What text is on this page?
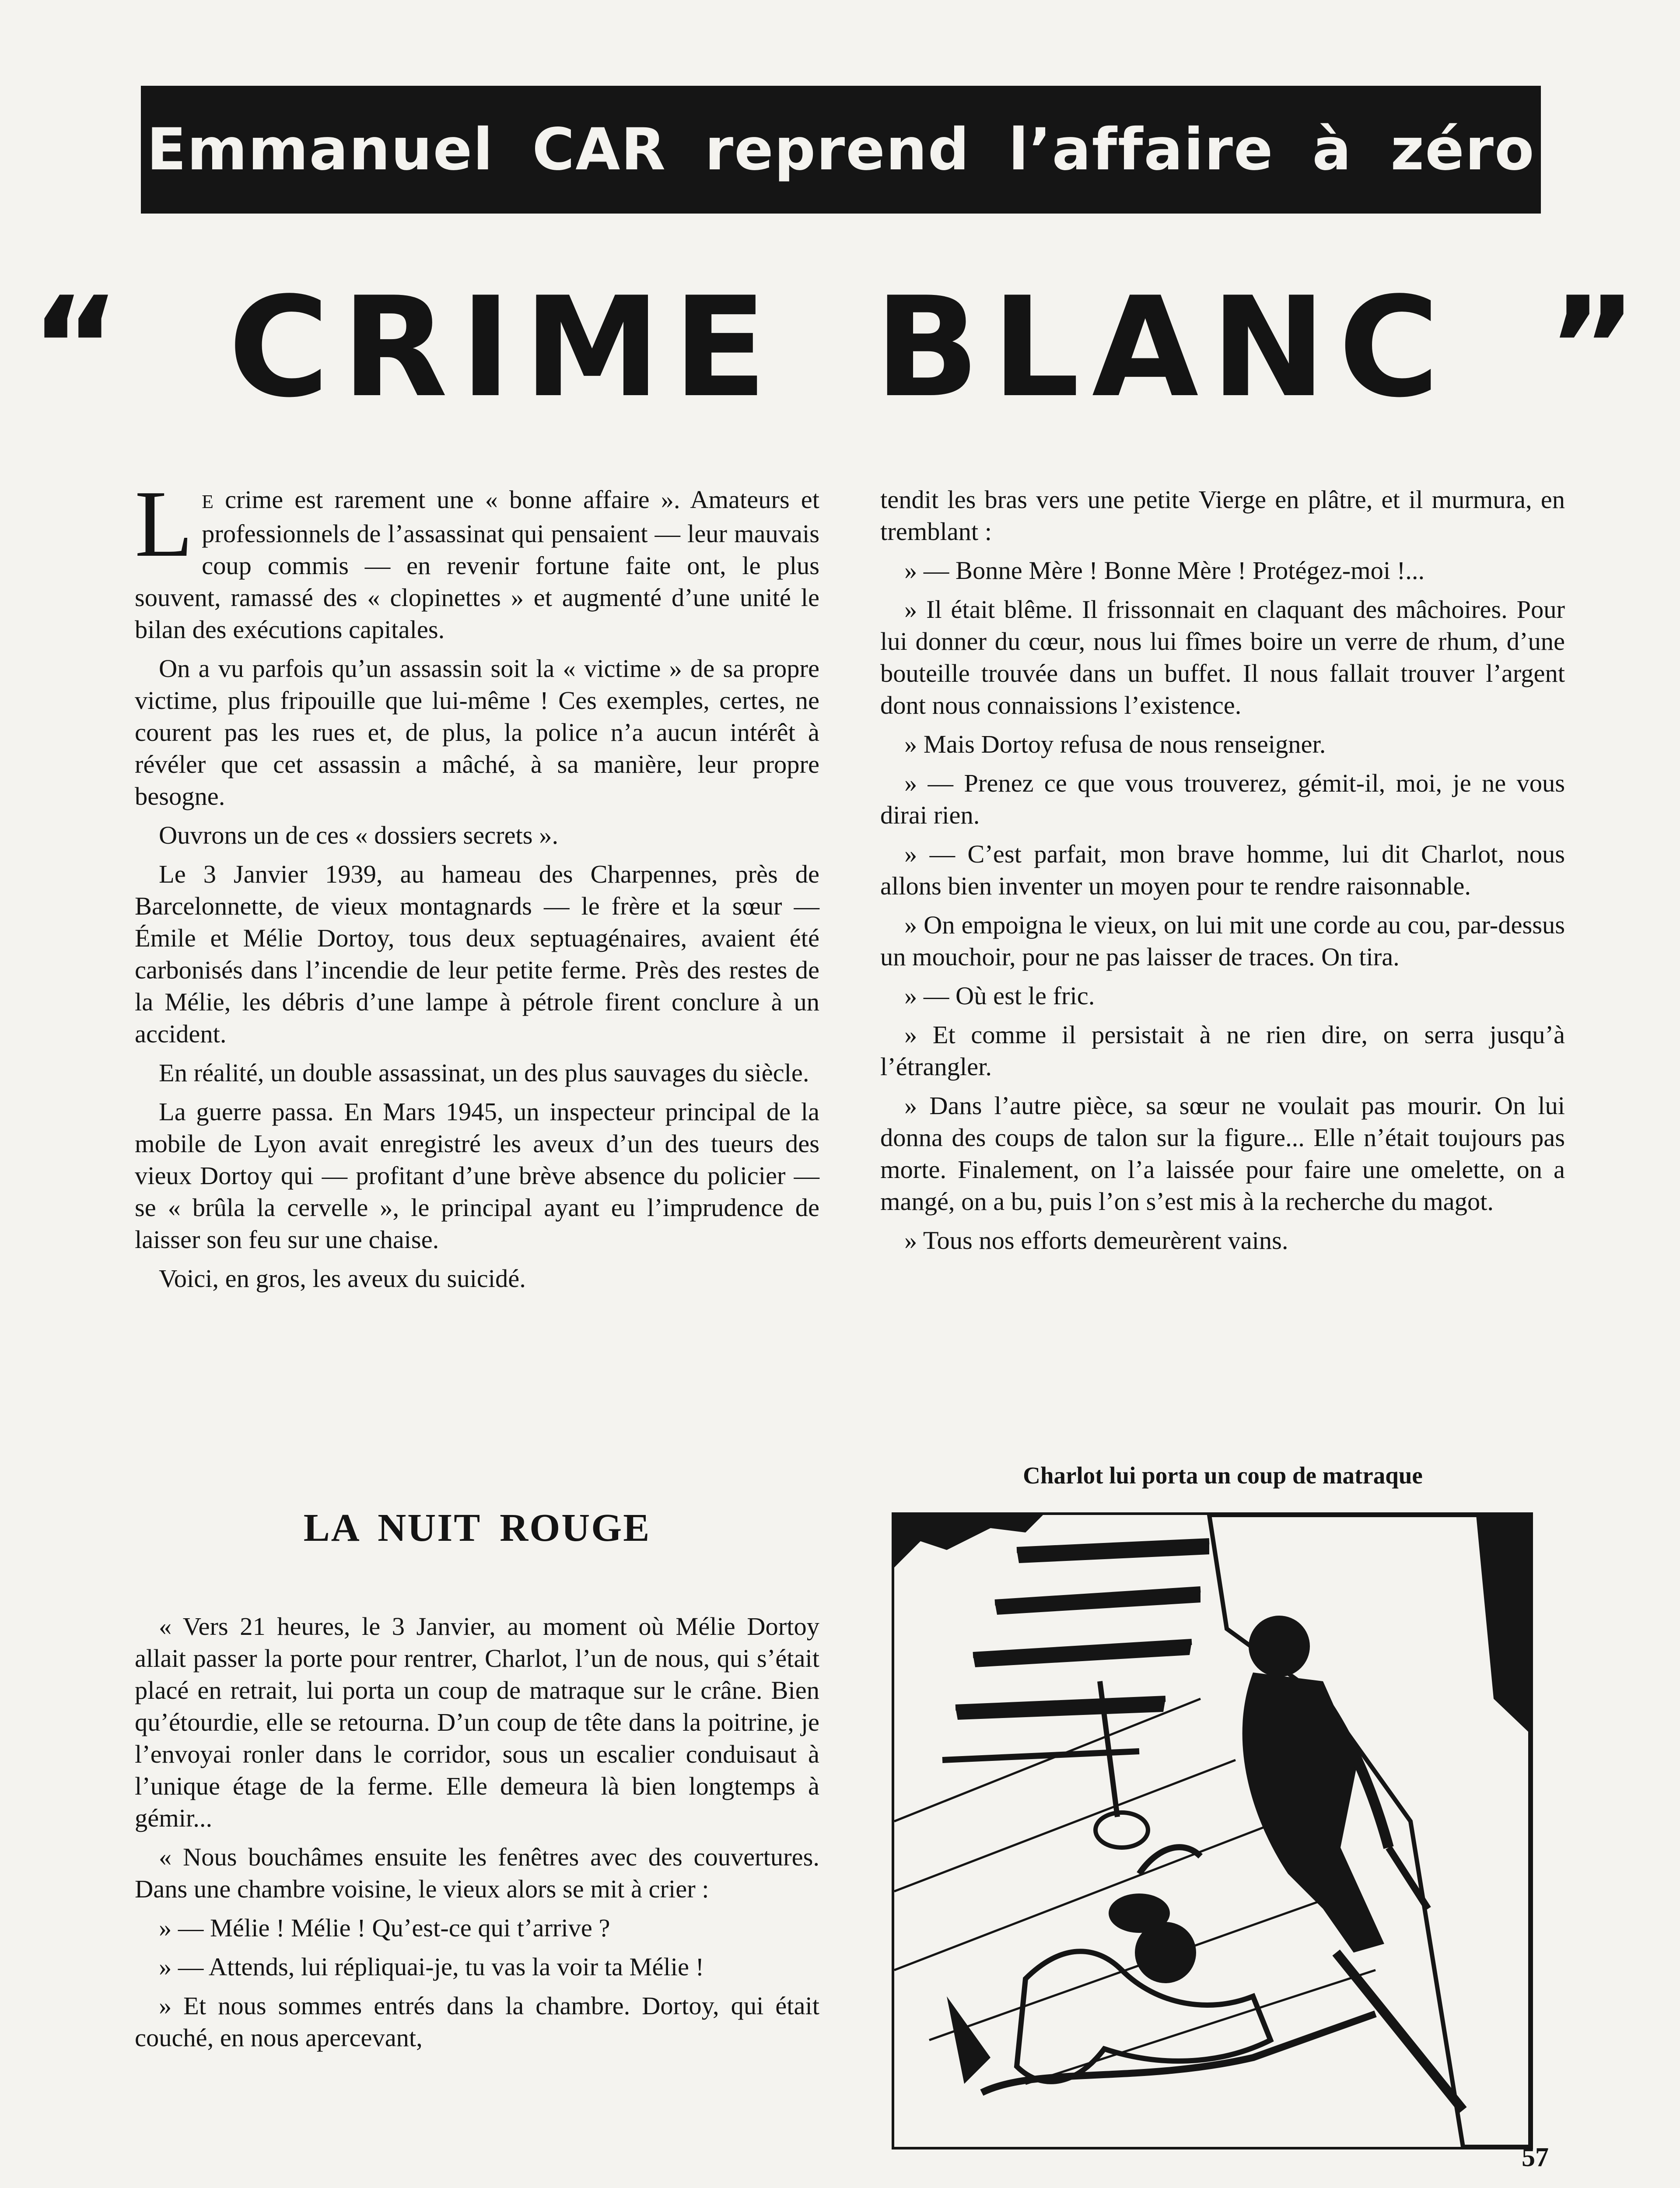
Emmanuel CAR reprend l’affaire à zéro
“ CRIME BLANC ”

L E crime est rarement une « bonne affaire ». Amateurs et professionnels de l’assassinat qui pensaient — leur mauvais coup commis — en revenir fortune faite ont, le plus souvent, ramassé des « clopinettes » et augmenté d’une unité le bilan des exécutions capitales.

On a vu parfois qu’un assassin soit la « victime » de sa propre victime, plus fripouille que lui-même ! Ces exemples, certes, ne courent pas les rues et, de plus, la police n’a aucun intérêt à révéler que cet assassin a mâché, à sa manière, leur propre besogne.

Ouvrons un de ces « dossiers secrets ».

Le 3 Janvier 1939, au hameau des Charpennes, près de Barcelonnette, de vieux montagnards — le frère et la sœur — Émile et Mélie Dortoy, tous deux septuagénaires, avaient été carbonisés dans l’incendie de leur petite ferme. Près des restes de la Mélie, les débris d’une lampe à pétrole firent conclure à un accident.

En réalité, un double assassinat, un des plus sauvages du siècle.

La guerre passa. En Mars 1945, un inspecteur principal de la mobile de Lyon avait enregistré les aveux d’un des tueurs des vieux Dortoy qui — profitant d’une brève absence du policier — se « brûla la cervelle », le principal ayant eu l’imprudence de laisser son feu sur une chaise.

Voici, en gros, les aveux du suicidé.

LA NUIT ROUGE

« Vers 21 heures, le 3 Janvier, au moment où Mélie Dortoy allait passer la porte pour rentrer, Charlot, l’un de nous, qui s’était placé en retrait, lui porta un coup de matraque sur le crâne. Bien qu’étourdie, elle se retourna. D’un coup de tête dans la poitrine, je l’envoyai ronler dans le corridor, sous un escalier conduisaut à l’unique étage de la ferme. Elle demeura là bien longtemps à gémir...

« Nous bouchâmes ensuite les fenêtres avec des couvertures. Dans une chambre voisine, le vieux alors se mit à crier :

» — Mélie ! Mélie ! Qu’est-ce qui t’arrive ?

» — Attends, lui répliquai-je, tu vas la voir ta Mélie !

» Et nous sommes entrés dans la chambre. Dortoy, qui était couché, en nous apercevant,

tendit les bras vers une petite Vierge en plâtre, et il murmura, en tremblant :

» — Bonne Mère ! Bonne Mère ! Protégez-moi !...

» Il était blême. Il frissonnait en claquant des mâchoires. Pour lui donner du cœur, nous lui fîmes boire un verre de rhum, d’une bouteille trouvée dans un buffet. Il nous fallait trouver l’argent dont nous connaissions l’existence.

» Mais Dortoy refusa de nous renseigner.

» — Prenez ce que vous trouverez, gémit-il, moi, je ne vous dirai rien.

» — C’est parfait, mon brave homme, lui dit Charlot, nous allons bien inventer un moyen pour te rendre raisonnable.

» On empoigna le vieux, on lui mit une corde au cou, par-dessus un mouchoir, pour ne pas laisser de traces. On tira.

» — Où est le fric.

» Et comme il persistait à ne rien dire, on serra jusqu’à l’étrangler.

» Dans l’autre pièce, sa sœur ne voulait pas mourir. On lui donna des coups de talon sur la figure... Elle n’était toujours pas morte. Finalement, on l’a laissée pour faire une omelette, on a mangé, on a bu, puis l’on s’est mis à la recherche du magot.

» Tous nos efforts demeurèrent vains.

Charlot lui porta un coup de matraque
57
